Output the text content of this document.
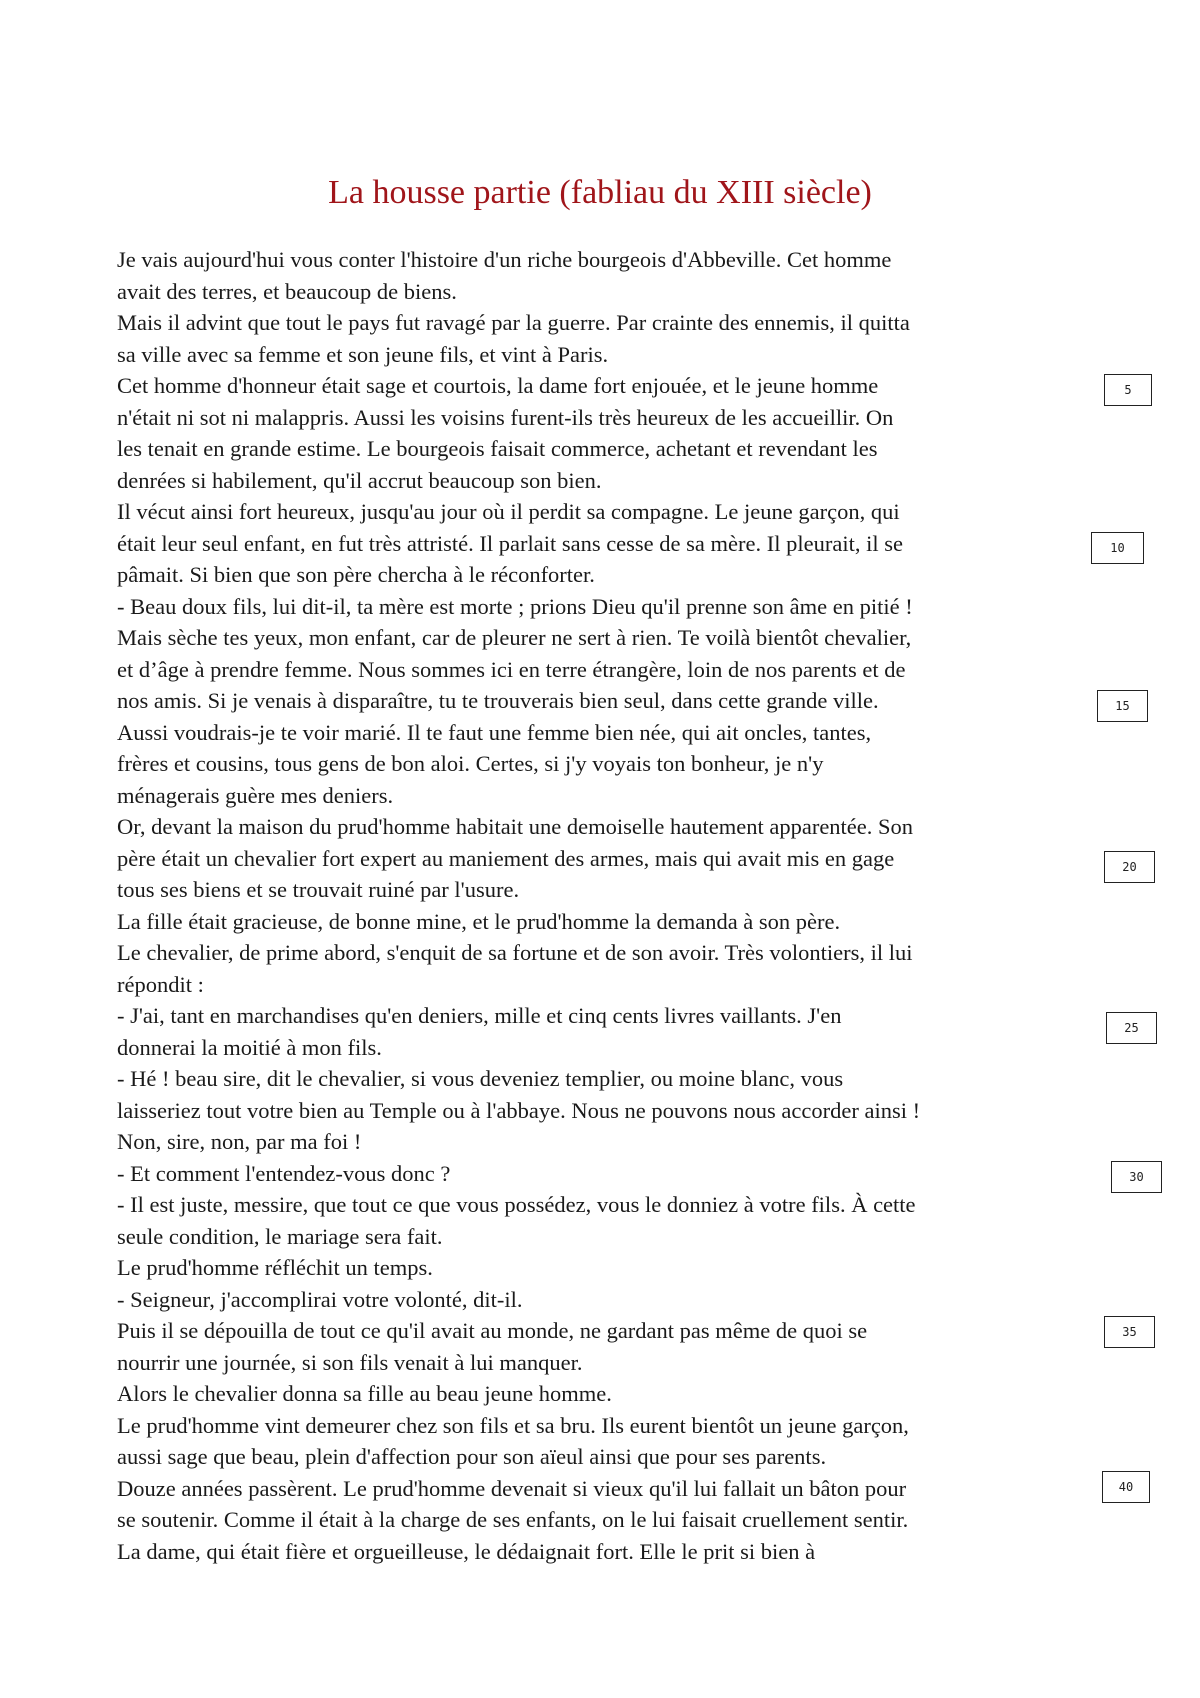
La housse partie (fabliau du XIII siècle)
Je vais aujourd'hui vous conter l'histoire d'un riche bourgeois d'Abbeville. Cet homme
avait des terres, et beaucoup de biens.
Mais il advint que tout le pays fut ravagé par la guerre. Par crainte des ennemis, il quitta
sa ville avec sa femme et son jeune fils, et vint à Paris.
Cet homme d'honneur était sage et courtois, la dame fort enjouée, et le jeune homme
n'était ni sot ni malappris. Aussi les voisins furent-ils très heureux de les accueillir. On
les tenait en grande estime. Le bourgeois faisait commerce, achetant et revendant les
denrées si habilement, qu'il accrut beaucoup son bien.
Il vécut ainsi fort heureux, jusqu'au jour où il perdit sa compagne. Le jeune garçon, qui
était leur seul enfant, en fut très attristé. Il parlait sans cesse de sa mère. Il pleurait, il se
pâmait. Si bien que son père chercha à le réconforter.
- Beau doux fils, lui dit-il, ta mère est morte ; prions Dieu qu'il prenne son âme en pitié !
Mais sèche tes yeux, mon enfant, car de pleurer ne sert à rien. Te voilà bientôt chevalier,
et d’âge à prendre femme. Nous sommes ici en terre étrangère, loin de nos parents et de
nos amis. Si je venais à disparaître, tu te trouverais bien seul, dans cette grande ville.
Aussi voudrais-je te voir marié. Il te faut une femme bien née, qui ait oncles, tantes,
frères et cousins, tous gens de bon aloi. Certes, si j'y voyais ton bonheur, je n'y
ménagerais guère mes deniers.
Or, devant la maison du prud'homme habitait une demoiselle hautement apparentée. Son
père était un chevalier fort expert au maniement des armes, mais qui avait mis en gage
tous ses biens et se trouvait ruiné par l'usure.
La fille était gracieuse, de bonne mine, et le prud'homme la demanda à son père.
Le chevalier, de prime abord, s'enquit de sa fortune et de son avoir. Très volontiers, il lui
répondit :
- J'ai, tant en marchandises qu'en deniers, mille et cinq cents livres vaillants. J'en
donnerai la moitié à mon fils.
- Hé ! beau sire, dit le chevalier, si vous deveniez templier, ou moine blanc, vous
laisseriez tout votre bien au Temple ou à l'abbaye. Nous ne pouvons nous accorder ainsi !
Non, sire, non, par ma foi !
- Et comment l'entendez-vous donc ?
- Il est juste, messire, que tout ce que vous possédez, vous le donniez à votre fils. À cette
seule condition, le mariage sera fait.
Le prud'homme réfléchit un temps.
- Seigneur, j'accomplirai votre volonté, dit-il.
Puis il se dépouilla de tout ce qu'il avait au monde, ne gardant pas même de quoi se
nourrir une journée, si son fils venait à lui manquer.
Alors le chevalier donna sa fille au beau jeune homme.
Le prud'homme vint demeurer chez son fils et sa bru. Ils eurent bientôt un jeune garçon,
aussi sage que beau, plein d'affection pour son aïeul ainsi que pour ses parents.
Douze années passèrent. Le prud'homme devenait si vieux qu'il lui fallait un bâton pour
se soutenir. Comme il était à la charge de ses enfants, on le lui faisait cruellement sentir.
La dame, qui était fière et orgueilleuse, le dédaignait fort. Elle le prit si bien à
5
10
15
20
25
30
35
40
